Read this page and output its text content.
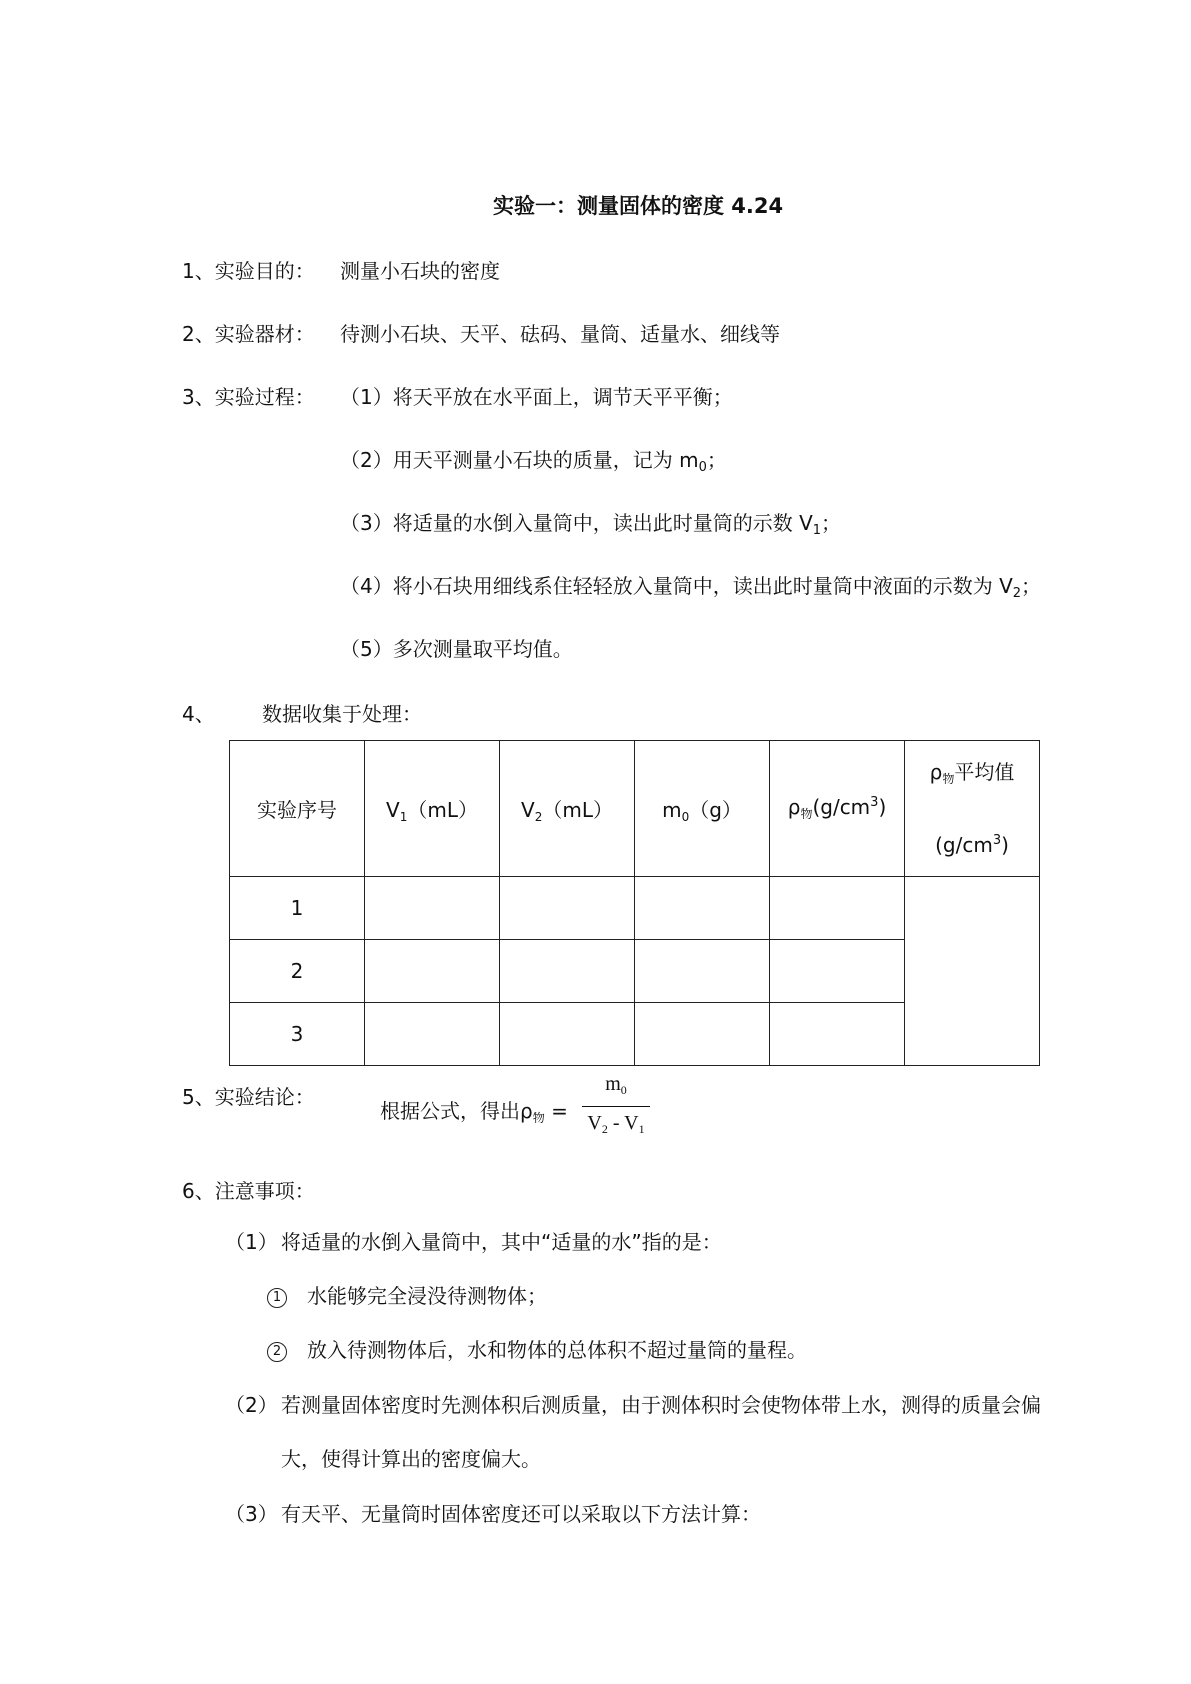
实验一：测量固体的密度 4.24
1、实验目的： 测量小石块的密度
2、实验器材： 待测小石块、天平、砝码、量筒、适量水、细线等
3、实验过程： （1）将天平放在水平面上，调节天平平衡；
（2）用天平测量小石块的质量，记为 $m_0$；
（3）将适量的水倒入量筒中，读出此时量筒的示数 $V_1$；
（4）将小石块用细线系住轻轻放入量筒中，读出此时量筒中液面的示数为 $V_2$；
（5）多次测量取平均值。
4、 数据收集于处理：
实验序号	$V_1(mL)$	$V_2(mL)$	$m_0(g)$	$\rho_物(g/cm^3)$	$\rho_物$平均值
$(g/cm^3)$

1					
2					
3					
5、实验结论：
根据公式，得出$\rho_物$ =
$m_0$
$V_2 - V_1$
6、注意事项：
（1） 将适量的水倒入量筒中，其中“适量的水”指的是：
1 水能够完全浸没待测物体；
2 放入待测物体后，水和物体的总体积不超过量筒的量程。
（2） 若测量固体密度时先测体积后测质量，由于测体积时会使物体带上水，测得的质量会偏
大，使得计算出的密度偏大。
（3） 有天平、无量筒时固体密度还可以采取以下方法计算：
